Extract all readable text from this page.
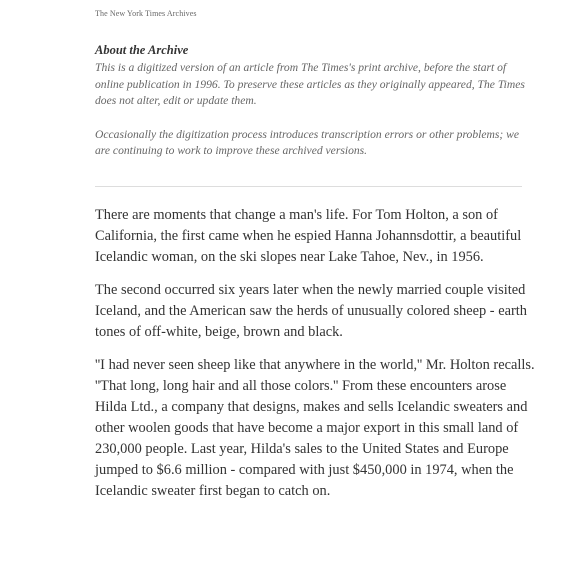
The New York Times Archives
About the Archive

This is a digitized version of an article from The Times's print archive, before the start of online publication in 1996. To preserve these articles as they originally appeared, The Times does not alter, edit or update them.

Occasionally the digitization process introduces transcription errors or other problems; we are continuing to work to improve these archived versions.

There are moments that change a man's life. For Tom Holton, a son of California, the first came when he espied Hanna Johannsdottir, a beautiful Icelandic woman, on the ski slopes near Lake Tahoe, Nev., in 1956.

The second occurred six years later when the newly married couple visited Iceland, and the American saw the herds of unusually colored sheep - earth tones of off-white, beige, brown and black.

''I had never seen sheep like that anywhere in the world,'' Mr. Holton recalls. ''That long, long hair and all those colors.'' From these encounters arose Hilda Ltd., a company that designs, makes and sells Icelandic sweaters and other woolen goods that have become a major export in this small land of 230,000 people. Last year, Hilda's sales to the United States and Europe jumped to $6.6 million - compared with just $450,000 in 1974, when the Icelandic sweater first began to catch on.
